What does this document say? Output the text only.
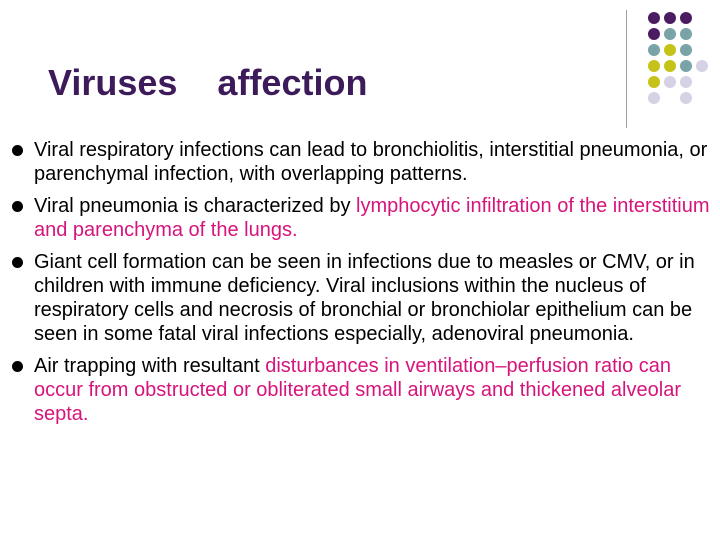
Viruses    affection
Viral respiratory infections can lead to bronchiolitis, interstitial pneumonia, or parenchymal infection, with overlapping patterns.
Viral pneumonia is characterized by lymphocytic infiltration of the interstitium and parenchyma of the lungs.
Giant cell formation can be seen in infections due to measles or CMV, or in children with immune deficiency. Viral inclusions within the nucleus of respiratory cells and necrosis of bronchial or bronchiolar epithelium can be seen in some fatal viral infections especially, adenoviral pneumonia.
Air trapping with resultant disturbances in ventilation–perfusion ratio can occur from obstructed or obliterated small airways and thickened alveolar septa.
